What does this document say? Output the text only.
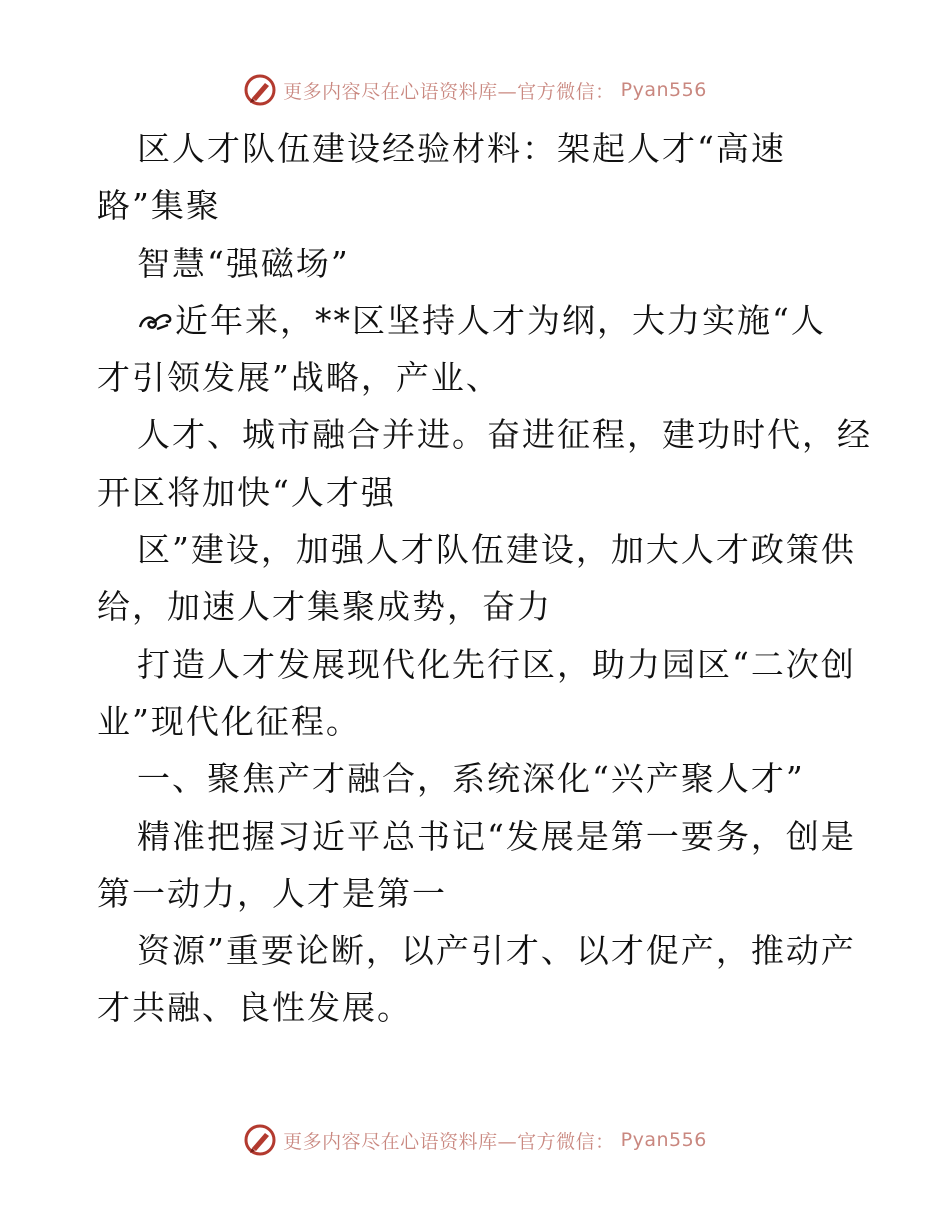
更多内容尽在心语资料库—官方微信： Pyan556
区人才队伍建设经验材料：架起人才“高速
路”集聚
智慧“强磁场”
近年来，**区坚持人才为纲，大力实施“人
才引领发展”战略，产业、
人才、城市融合并进。奋进征程，建功时代，经
开区将加快“人才强
区”建设，加强人才队伍建设，加大人才政策供
给，加速人才集聚成势，奋力
打造人才发展现代化先行区，助力园区“二次创
业”现代化征程。
一、聚焦产才融合，系统深化“兴产聚人才”
精准把握习近平总书记“发展是第一要务，创是
第一动力，人才是第一
资源”重要论断，以产引才、以才促产，推动产
才共融、良性发展。
更多内容尽在心语资料库—官方微信： Pyan556
